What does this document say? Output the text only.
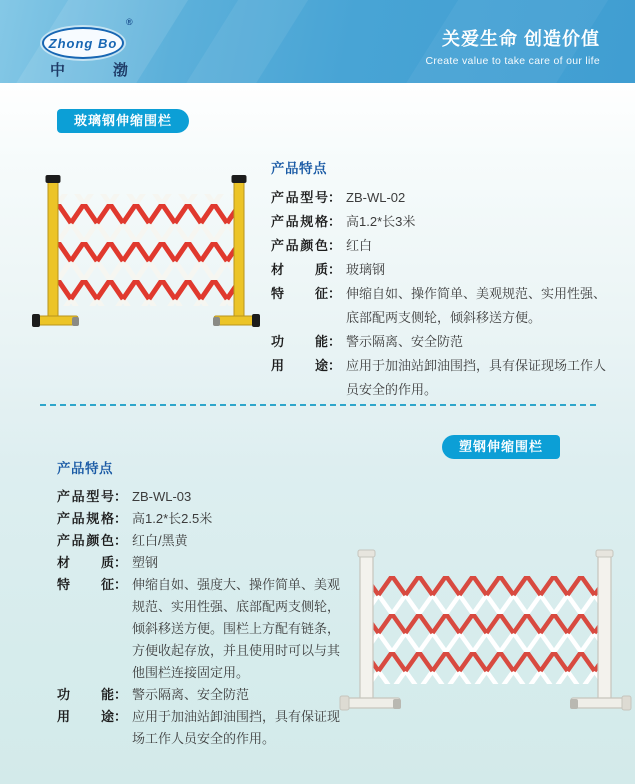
Zhong Bo
®
中	渤
关爱生命 创造价值
Create value to take care of our life
玻璃钢伸缩围栏
产品特点
产品型号 ： ZB-WL-02
产品规格 ： 高1.2*长3米
产品颜色 ： 红白
材 质 ： 玻璃钢
特 征 ： 伸缩自如、操作简单、美观规范、实用性强、底部配两支侧轮，倾斜移送方便。
功 能 ： 警示隔离、安全防范
用 途 ： 应用于加油站卸油围挡，具有保证现场工作人员安全的作用。
塑钢伸缩围栏
产品特点
产品型号 ： ZB-WL-03
产品规格 ： 高1.2*长2.5米
产品颜色 ： 红白/黑黄
材 质 ： 塑钢
特 征 ： 伸缩自如、强度大、操作简单、美观规范、实用性强、底部配两支侧轮，倾斜移送方便。围栏上方配有链条，方便收起存放，并且使用时可以与其他围栏连接固定用。
功 能 ： 警示隔离、安全防范
用 途 ： 应用于加油站卸油围挡，具有保证现场工作人员安全的作用。
